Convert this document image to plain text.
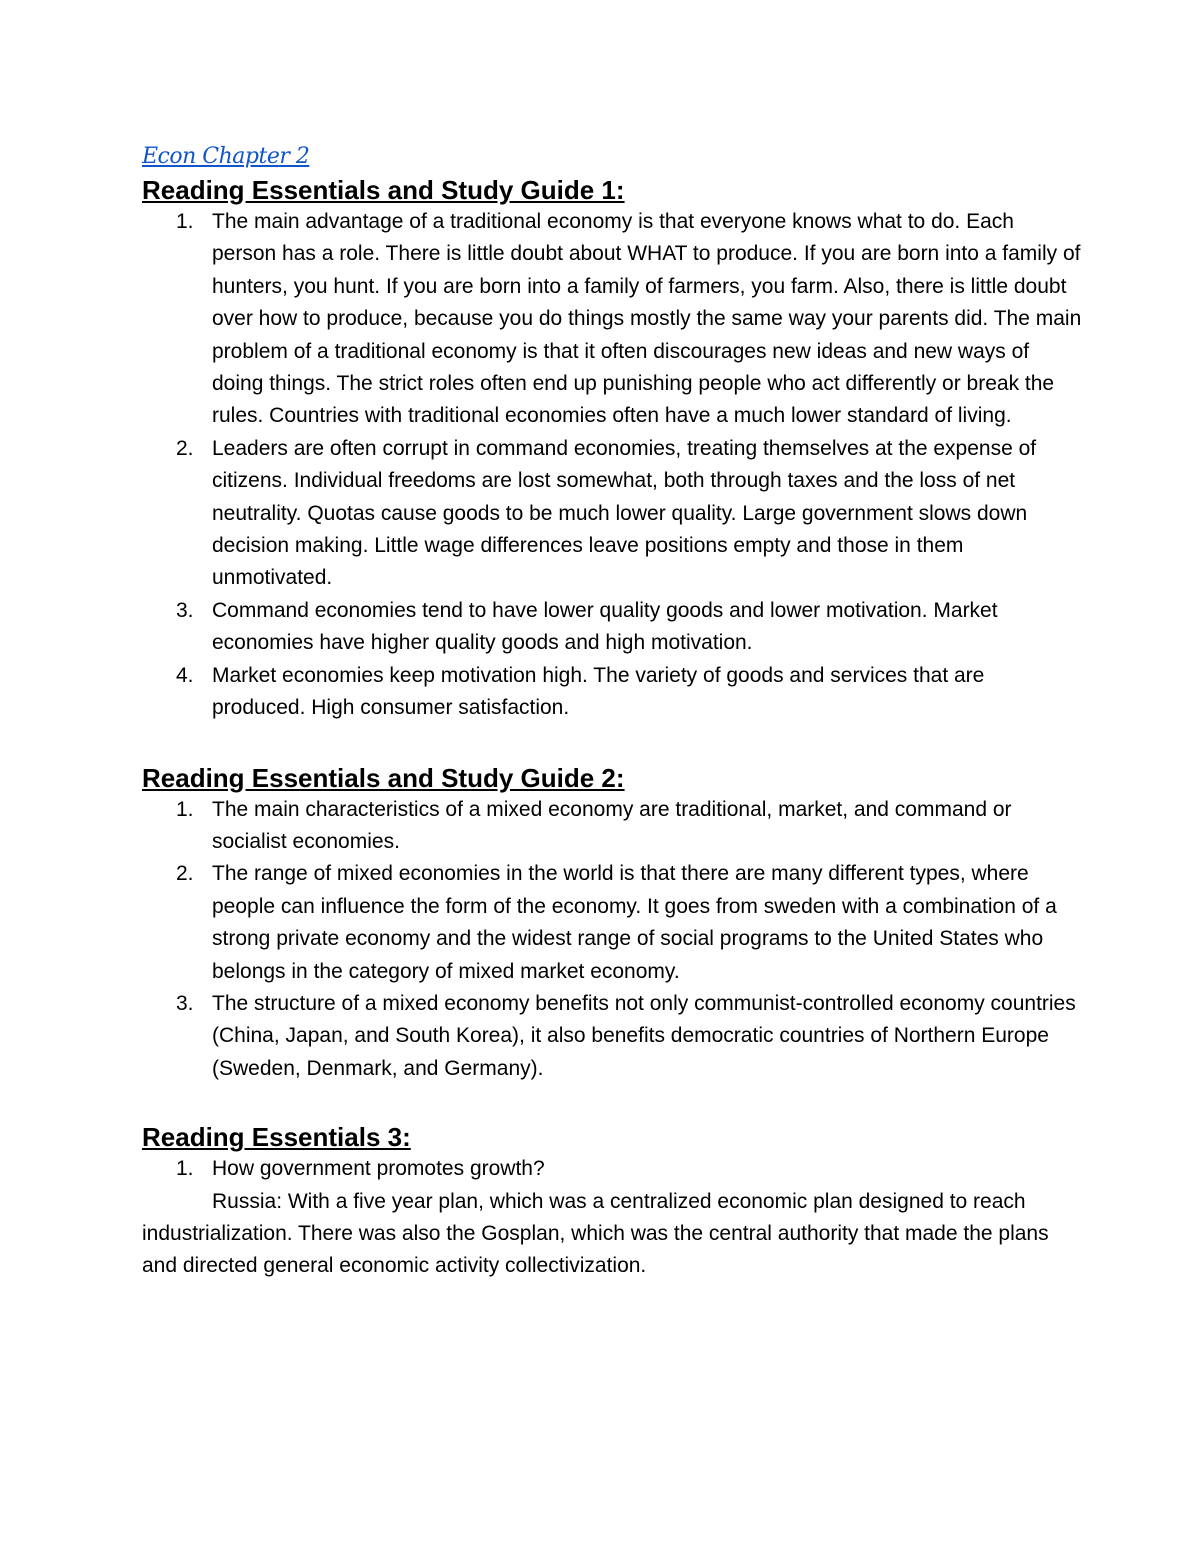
Econ Chapter 2

Reading Essentials and Study Guide 1:
1. The main advantage of a traditional economy is that everyone knows what to do. Each person has a role. There is little doubt about WHAT to produce. If you are born into a family of hunters, you hunt. If you are born into a family of farmers, you farm. Also, there is little doubt over how to produce, because you do things mostly the same way your parents did. The main problem of a traditional economy is that it often discourages new ideas and new ways of doing things. The strict roles often end up punishing people who act differently or break the rules. Countries with traditional economies often have a much lower standard of living.
2. Leaders are often corrupt in command economies, treating themselves at the expense of citizens. Individual freedoms are lost somewhat, both through taxes and the loss of net neutrality. Quotas cause goods to be much lower quality. Large government slows down decision making. Little wage differences leave positions empty and those in them unmotivated.
3. Command economies tend to have lower quality goods and lower motivation. Market economies have higher quality goods and high motivation.
4. Market economies keep motivation high. The variety of goods and services that are produced. High consumer satisfaction.
Reading Essentials and Study Guide 2:
1. The main characteristics of a mixed economy are traditional, market, and command or socialist economies.
2. The range of mixed economies in the world is that there are many different types, where people can influence the form of the economy. It goes from sweden with a combination of a strong private economy and the widest range of social programs to the United States who belongs in the category of mixed market economy.
3. The structure of a mixed economy benefits not only communist-controlled economy countries (China, Japan, and South Korea), it also benefits democratic countries of Northern Europe (Sweden, Denmark, and Germany).
Reading Essentials 3:
1. How government promotes growth?

Russia: With a five year plan, which was a centralized economic plan designed to reach industrialization. There was also the Gosplan, which was the central authority that made the plans and directed general economic activity collectivization.
